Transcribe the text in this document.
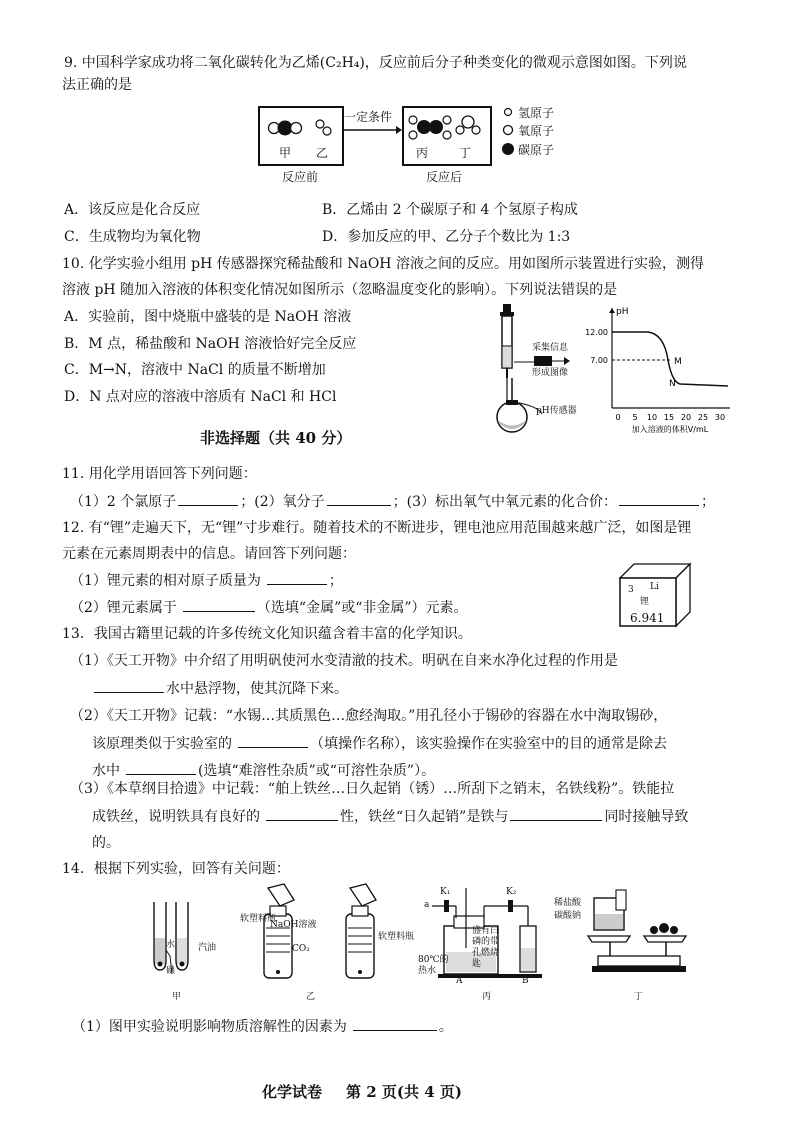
9. 中国科学家成功将二氧化碳转化为乙烯(C₂H₄)，反应前后分子种类变化的微观示意图如图。下列说
法正确的是
甲 乙
反应前
一定条件
丙	丁
反应后
氢原子
氧原子
碳原子
A．该反应是化合反应	B．乙烯由 2 个碳原子和 4 个氢原子构成
C．生成物均为氧化物	D．参加反应的甲、乙分子个数比为 1:3
10. 化学实验小组用 pH 传感器探究稀盐酸和 NaOH 溶液之间的反应。用如图所示装置进行实验，测得
溶液 pH 随加入溶液的体积变化情况如图所示（忽略温度变化的影响）。下列说法错误的是
A．实验前，图中烧瓶中盛装的是 NaOH 溶液
B．M 点，稀盐酸和 NaOH 溶液恰好完全反应
C．M→N，溶液中 NaCl 的质量不断增加
D．N 点对应的溶液中溶质有 NaCl 和 HCl
采集信息
形成图像
pH传感器
pH
12.00
7.00
0 5 10 15 20 25 30
加入溶液的体积V/mL
M
N
非选择题（共 40 分）
11. 用化学用语回答下列问题：
（1）2 个氯原子	；(2）氧分子	；(3）标出氧气中氧元素的化合价：	；
12. 有“锂”走遍天下，无“锂”寸步难行。随着技术的不断进步，锂电池应用范围越来越广泛，如图是锂
元素在元素周期表中的信息。请回答下列问题：
（1）锂元素的相对原子质量为	；
（2）锂元素属于	（选填“金属”或“非金属”）元素。
3 Li
锂
6.941
13．我国古籍里记载的许多传统文化知识蕴含着丰富的化学知识。
（1）《天工开物》中介绍了用明矾使河水变清澈的技术。明矾在自来水净化过程的作用是
水中悬浮物，使其沉降下来。
（2）《天工开物》记载：“水锡…其质黑色…愈经淘取。”用孔径小于锡砂的容器在水中淘取锡砂，
该原理类似于实验室的	（填操作名称），该实验操作在实验室中的目的通常是除去
水中	(选填“难溶性杂质”或“可溶性杂质”）。
（3）《本草纲目拾遗》中记载：“舶上铁丝…日久起销（锈）…所刮下之销末，名铁线粉”。铁能拉
成铁丝，说明铁具有良好的	性，铁丝“日久起销”是铁与	同时接触导致
的。
14．根据下列实验，回答有关问题：
水	汽油
碘
甲
软塑料瓶
NaOH溶液
CO₂
软塑料瓶
乙
K₁	K₂
a
80℃的热水
盛有白磷的带孔燃烧匙
A	B
丙
稀盐酸
碳酸钠
丁
（1）图甲实验说明影响物质溶解性的因素为	。
化学试卷 第 2 页(共 4 页)
